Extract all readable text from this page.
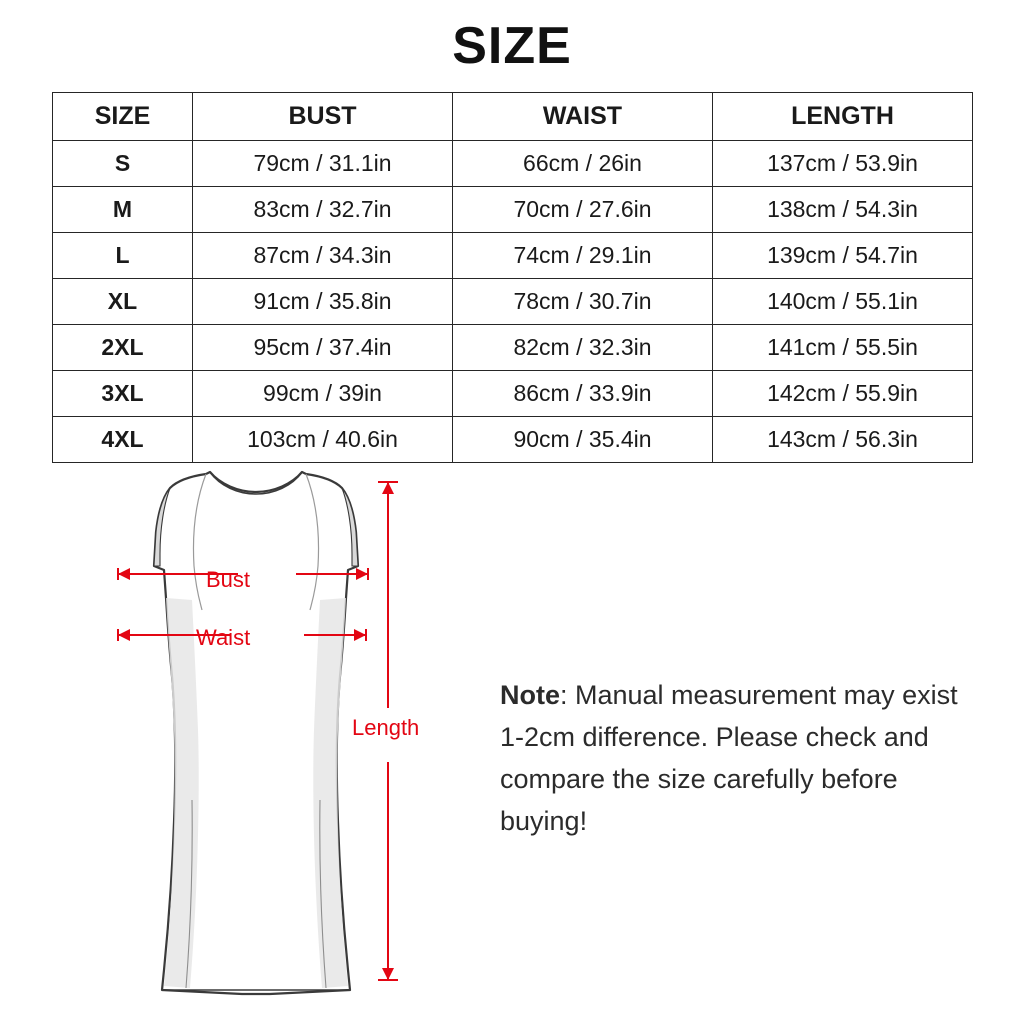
SIZE
SIZE	BUST	WAIST	LENGTH
S	79cm / 31.1in	66cm / 26in	137cm / 53.9in
M	83cm / 32.7in	70cm / 27.6in	138cm / 54.3in
L	87cm / 34.3in	74cm / 29.1in	139cm / 54.7in
XL	91cm / 35.8in	78cm / 30.7in	140cm / 55.1in
2XL	95cm / 37.4in	82cm / 32.3in	141cm / 55.5in
3XL	99cm / 39in	86cm / 33.9in	142cm / 55.9in
4XL	103cm / 40.6in	90cm / 35.4in	143cm / 56.3in
Bust
Waist
Length
Note: Manual measurement may exist 1-2cm difference. Please check and compare the size carefully before buying!
